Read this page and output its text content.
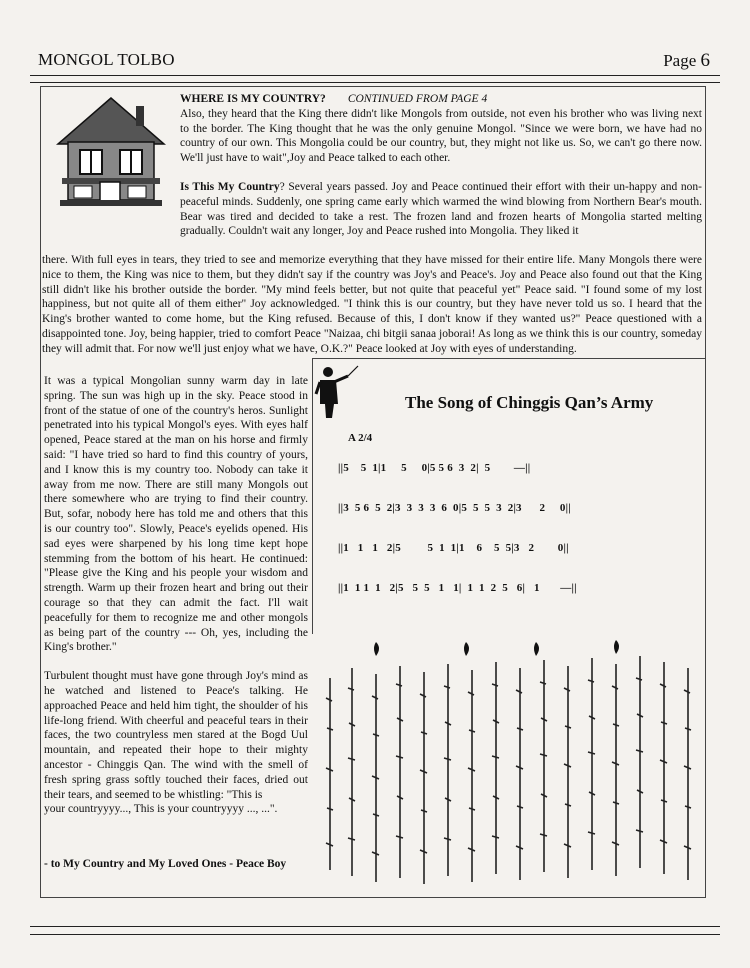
MONGOL TOLBO	Page 6

WHERE IS MY COUNTRY? CONTINUED FROM PAGE 4
Also, they heard that the King there didn't like Mongols from outside, not even his brother who was living next to the border. The King thought that he was the only genuine Mongol. "Since we were born, we have had no country of our own. This Mongolia could be our country, but, they might not like us. So, we can't go there now. We'll just have to wait",Joy and Peace talked to each other.

Is This My Country? Several years passed. Joy and Peace continued their effort with their un-happy and non-peaceful minds. Suddenly, one spring came early which warmed the wind blowing from Northern Bear's mouth. Bear was tired and decided to take a rest. The frozen land and frozen hearts of Mongolia started melting gradually. Couldn't wait any longer, Joy and Peace rushed into Mongolia. They liked it

there. With full eyes in tears, they tried to see and memorize everything that they have missed for their entire life. Many Mongols there were nice to them, the King was nice to them, but they didn't say if the country was Joy's and Peace's. Joy and Peace also found out that the King still didn't like his brother outside the border. "My mind feels better, but not quite that peaceful yet" Peace said. "I found some of my lost happiness, but not quite all of them either" Joy acknowledged. "I think this is our country, but they have never told us so. I heard that the King's brother wanted to come home, but the King refused. Because of this, I don't know if they wanted us?" Peace questioned with a disappointed tone. Joy, being happier, tried to comfort Peace "Naizaa, chi bitgii sanaa joborai! As long as we think this is our country, someday they will admit that. For now we'll just enjoy what we have, O.K.?" Peace looked at Joy with eyes of understanding.

It was a typical Mongolian sunny warm day in late spring. The sun was high up in the sky. Peace stood in front of the statue of one of the country's heros. Sunlight penetrated into his typical Mongol's eyes. With eyes half opened, Peace stared at the man on his horse and firmly said: "I have tried so hard to find this country of yours, and I know this is my country too. Nobody can take it away from me now. There are still many Mongols out there somewhere who are trying to find their country. But, sofar, nobody here has told me and others that this is our country too". Slowly, Peace's eyelids opened. His sad eyes were sharpened by his long time kept hope stemming from the bottom of his heart. He continued: "Please give the King and his people your wisdom and strength. Warm up their frozen heart and bring out their courage so that they can admit the fact. I'll wait peacefully for them to recognize me and other mongols as being part of the country --- Oh, yes, including the King's brother."

Turbulent thought must have gone through Joy's mind as he watched and listened to Peace's talking. He approached Peace and held him tight, the shoulder of his life-long friend. With cheerful and peaceful tears in their faces, the two countryless men stared at the Bogd Uul mountain, and repeated their hope to their mighty ancestor - Chinggis Qan. The wind with the smell of fresh spring grass softly touched their faces, dried out their tears, and seemed to be whistling: "This is
your countryyyy..., This is your countryyyy ..., ...".

- to My Country and My Loved Ones - Peace Boy
The Song of Chinggis Qan’s Army
A 2/4
||5    5  1|1     5     0|5 5 6  3  2|  5        —||
||3  5 6  5  2|3  3  3  3  6  0|5  5  5  3  2|3      2     0||
||1   1   1   2|5         5  1  1|1    6    5  5|3   2        0||
||1  1 1  1   2|5   5  5   1   1|  1  1  2  5   6|   1       —||
